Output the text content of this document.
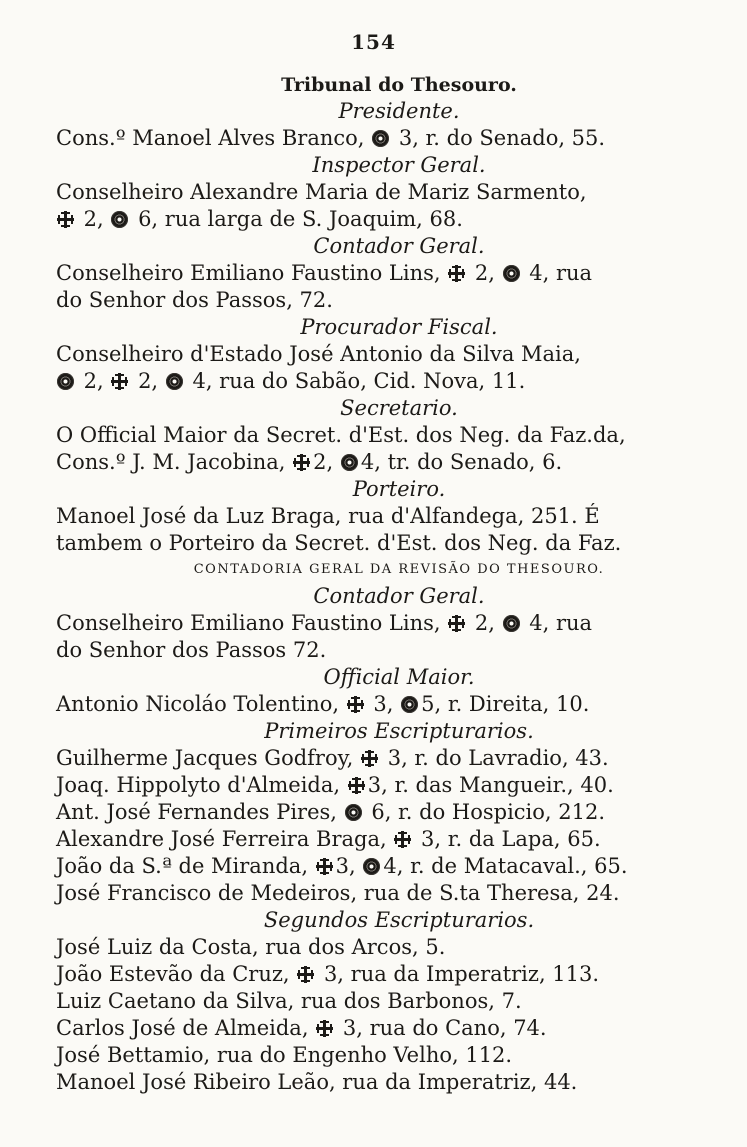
154
Tribunal do Thesouro.
Presidente.
Cons.º Manoel Alves Branco,  3, r. do Senado, 55.
Inspector Geral.
Conselheiro Alexandre Maria de Mariz Sarmento,
2,  6, rua larga de S. Joaquim, 68.
Contador Geral.
Conselheiro Emiliano Faustino Lins,  2,  4, rua
do Senhor dos Passos, 72.
Procurador Fiscal.
Conselheiro d'Estado José Antonio da Silva Maia,
2,  2,  4, rua do Sabão, Cid. Nova, 11.
Secretario.
O Official Maior da Secret. d'Est. dos Neg. da Faz.da,
Cons.º J. M. Jacobina, 2, 4, tr. do Senado, 6.
Porteiro.
Manoel José da Luz Braga, rua d'Alfandega, 251. É
tambem o Porteiro da Secret. d'Est. dos Neg. da Faz.
CONTADORIA GERAL DA REVISÃO DO THESOURO.
Contador Geral.
Conselheiro Emiliano Faustino Lins,  2,  4, rua
do Senhor dos Passos 72.
Official Maior.
Antonio Nicoláo Tolentino,  3, 5, r. Direita, 10.
Primeiros Escripturarios.
Guilherme Jacques Godfroy,  3, r. do Lavradio, 43.
Joaq. Hippolyto d'Almeida, 3, r. das Mangueir., 40.
Ant. José Fernandes Pires,  6, r. do Hospicio, 212.
Alexandre José Ferreira Braga,  3, r. da Lapa, 65.
João da S.ª de Miranda, 3, 4, r. de Matacaval., 65.
José Francisco de Medeiros, rua de S.ta Theresa, 24.
Segundos Escripturarios.
José Luiz da Costa, rua dos Arcos, 5.
João Estevão da Cruz,  3, rua da Imperatriz, 113.
Luiz Caetano da Silva, rua dos Barbonos, 7.
Carlos José de Almeida,  3, rua do Cano, 74.
José Bettamio, rua do Engenho Velho, 112.
Manoel José Ribeiro Leão, rua da Imperatriz, 44.
